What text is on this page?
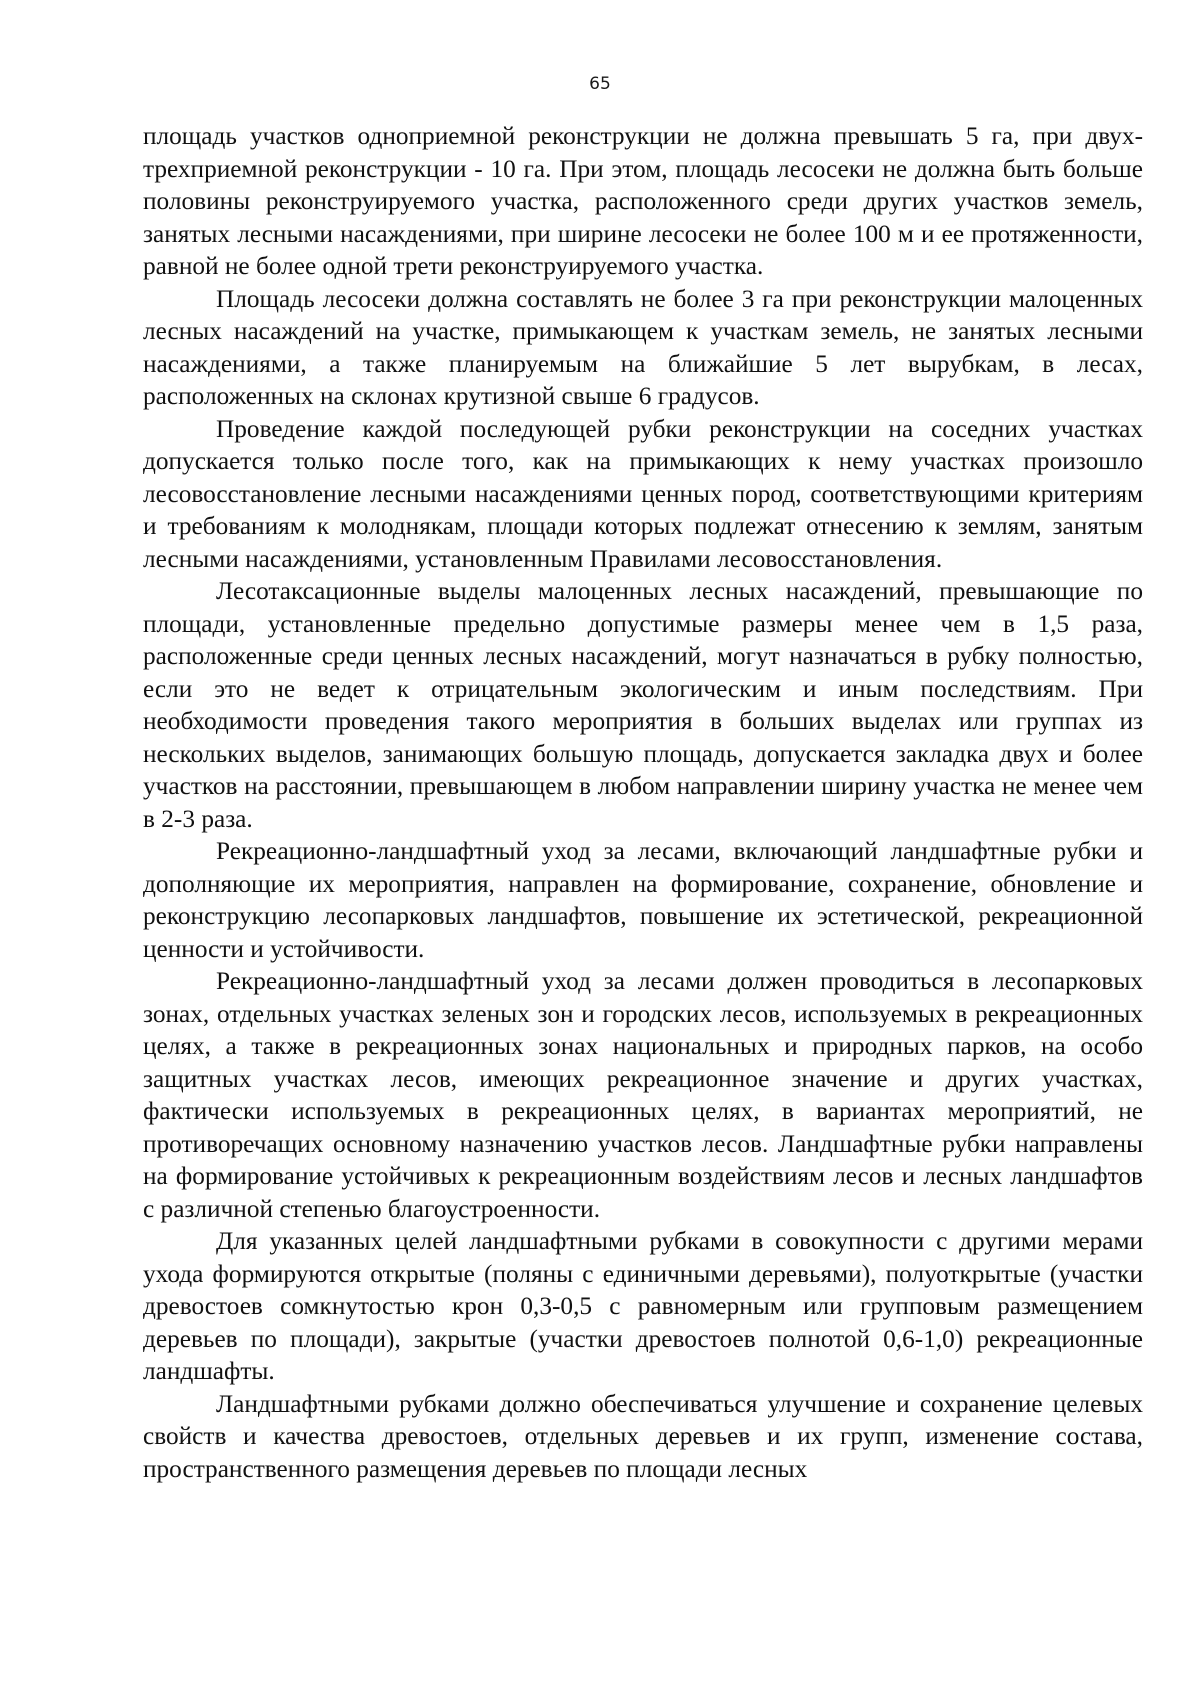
65

площадь участков одноприемной реконструкции не должна превышать 5 га, при двух-трехприемной реконструкции - 10 га. При этом, площадь лесосеки не должна быть больше половины реконструируемого участка, расположенного среди других участков земель, занятых лесными насаждениями, при ширине лесосеки не более 100 м и ее протяженности, равной не более одной трети реконструируемого участка.

Площадь лесосеки должна составлять не более 3 га при реконструкции малоценных лесных насаждений на участке, примыкающем к участкам земель, не занятых лесными насаждениями, а также планируемым на ближайшие 5 лет вырубкам, в лесах, расположенных на склонах крутизной свыше 6 градусов.

Проведение каждой последующей рубки реконструкции на соседних участках допускается только после того, как на примыкающих к нему участках произошло лесовосстановление лесными насаждениями ценных пород, соответствующими критериям и требованиям к молоднякам, площади которых подлежат отнесению к землям, занятым лесными насаждениями, установленным Правилами лесовосстановления.

Лесотаксационные выделы малоценных лесных насаждений, превышающие по площади, установленные предельно допустимые размеры менее чем в 1,5 раза, расположенные среди ценных лесных насаждений, могут назначаться в рубку полностью, если это не ведет к отрицательным экологическим и иным последствиям. При необходимости проведения такого мероприятия в больших выделах или группах из нескольких выделов, занимающих большую площадь, допускается закладка двух и более участков на расстоянии, превышающем в любом направлении ширину участка не менее чем в 2-3 раза.

Рекреационно-ландшафтный уход за лесами, включающий ландшафтные рубки и дополняющие их мероприятия, направлен на формирование, сохранение, обновление и реконструкцию лесопарковых ландшафтов, повышение их эстетической, рекреационной ценности и устойчивости.

Рекреационно-ландшафтный уход за лесами должен проводиться в лесопарковых зонах, отдельных участках зеленых зон и городских лесов, используемых в рекреационных целях, а также в рекреационных зонах национальных и природных парков, на особо защитных участках лесов, имеющих рекреационное значение и других участках, фактически используемых в рекреационных целях, в вариантах мероприятий, не противоречащих основному назначению участков лесов. Ландшафтные рубки направлены на формирование устойчивых к рекреационным воздействиям лесов и лесных ландшафтов с различной степенью благоустроенности.

Для указанных целей ландшафтными рубками в совокупности с другими мерами ухода формируются открытые (поляны с единичными деревьями), полуоткрытые (участки древостоев сомкнутостью крон 0,3-0,5 с равномерным или групповым размещением деревьев по площади), закрытые (участки древостоев полнотой 0,6-1,0) рекреационные ландшафты.

Ландшафтными рубками должно обеспечиваться улучшение и сохранение целевых свойств и качества древостоев, отдельных деревьев и их групп, изменение состава, пространственного размещения деревьев по площади лесных
